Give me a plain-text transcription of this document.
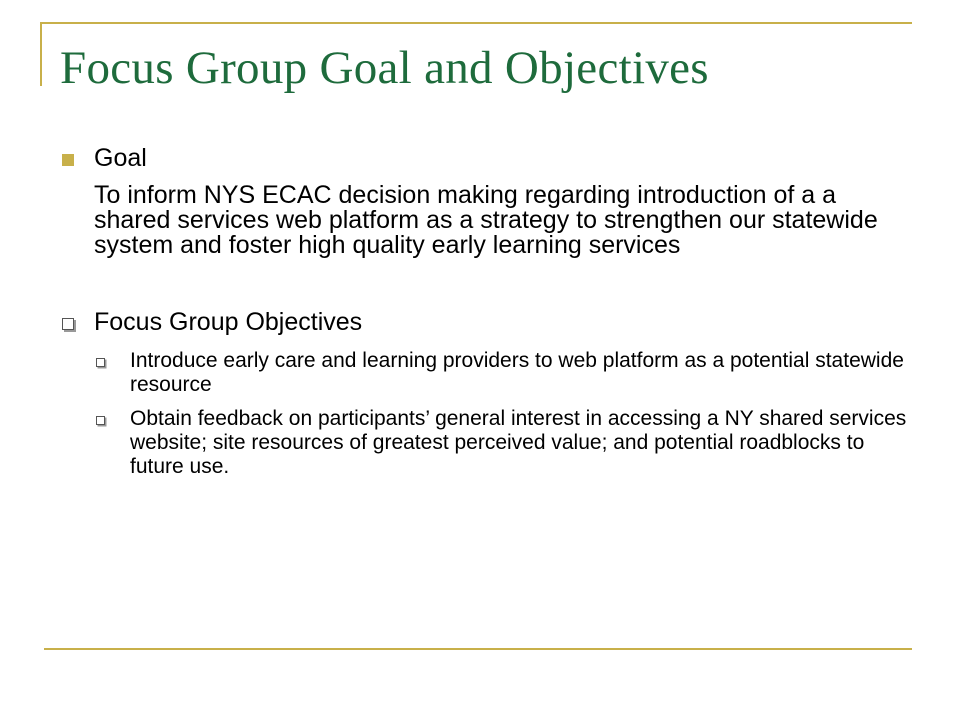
Focus Group Goal and Objectives
Goal
To inform NYS ECAC decision making regarding introduction of a a shared services web platform as a strategy to strengthen our statewide system and foster high quality early learning services
Focus Group Objectives
Introduce early care and learning providers to web platform as a potential statewide resource
Obtain feedback on participants’ general interest in accessing a NY shared services website; site resources of greatest perceived value; and potential roadblocks to future use.
